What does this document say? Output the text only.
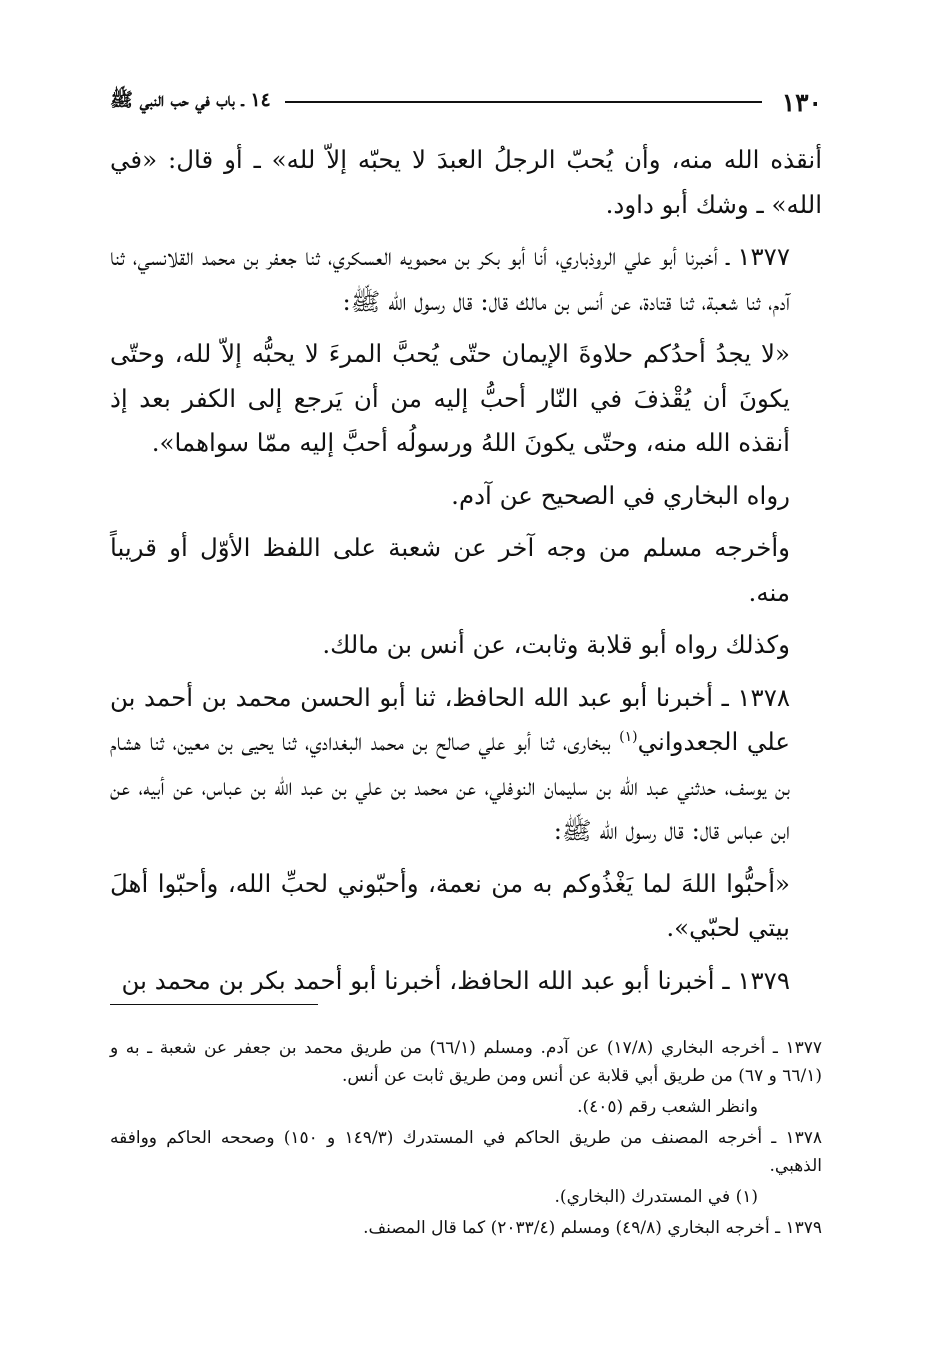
١٣٠
١٤ ـ باب في حب النبي ﷺ

أنقذه الله منه، وأن يُحبّ الرجلُ العبدَ لا يحبّه إلاّ لله» ـ أو قال: «في الله» ـ وشك أبو داود.

١٣٧٧ ـ أخبرنا أبو علي الروذباري، أنا أبو بكر بن محمويه العسكري، ثنا جعفر بن محمد القلانسي، ثنا آدم، ثنا شعبة، ثنا قتادة، عن أنس بن مالك قال: قال رسول الله ﷺ:

«لا يجدُ أحدُكم حلاوةَ الإيمان حتّى يُحبَّ المرءَ لا يحبُّه إلاّ لله، وحتّى يكونَ أن يُقْذفَ في النّار أحبُّ إليه من أن يَرجع إلى الكفر بعد إذ أنقذه الله منه، وحتّى يكونَ اللهُ ورسولُه أحبَّ إليه ممّا سواهما».

رواه البخاري في الصحيح عن آدم.

وأخرجه مسلم من وجه آخر عن شعبة على اللفظ الأوّل أو قريباً منه.

وكذلك رواه أبو قلابة وثابت، عن أنس بن مالك.

١٣٧٨ ـ أخبرنا أبو عبد الله الحافظ، ثنا أبو الحسن محمد بن أحمد بن علي الجعدواني$^{(١)}$ ببخارى، ثنا أبو علي صالح بن محمد البغدادي، ثنا يحيى بن معين، ثنا هشام بن يوسف، حدثني عبد الله بن سليمان النوفلي، عن محمد بن علي بن عبد الله بن عباس، عن أبيه، عن ابن عباس قال: قال رسول الله ﷺ:

«أحبُّوا اللهَ لما يَغْذُوكم به من نعمة، وأحبّوني لحبِّ الله، وأحبّوا أهلَ بيتي لحبّي».

١٣٧٩ ـ أخبرنا أبو عبد الله الحافظ، أخبرنا أبو أحمد بكر بن محمد بن

١٣٧٧ ـ أخرجه البخاري (١٧/٨) عن آدم. ومسلم (٦٦/١) من طريق محمد بن جعفر عن شعبة ـ به و (٦٦/١ و ٦٧) من طريق أبي قلابة عن أنس ومن طريق ثابت عن أنس.

وانظر الشعب رقم (٤٠٥).

١٣٧٨ ـ أخرجه المصنف من طريق الحاكم في المستدرك (١٤٩/٣ و ١٥٠) وصححه الحاكم ووافقه الذهبي.

(١) في المستدرك (البخاري).

١٣٧٩ ـ أخرجه البخاري (٤٩/٨) ومسلم (٢٠٣٣/٤) كما قال المصنف.
